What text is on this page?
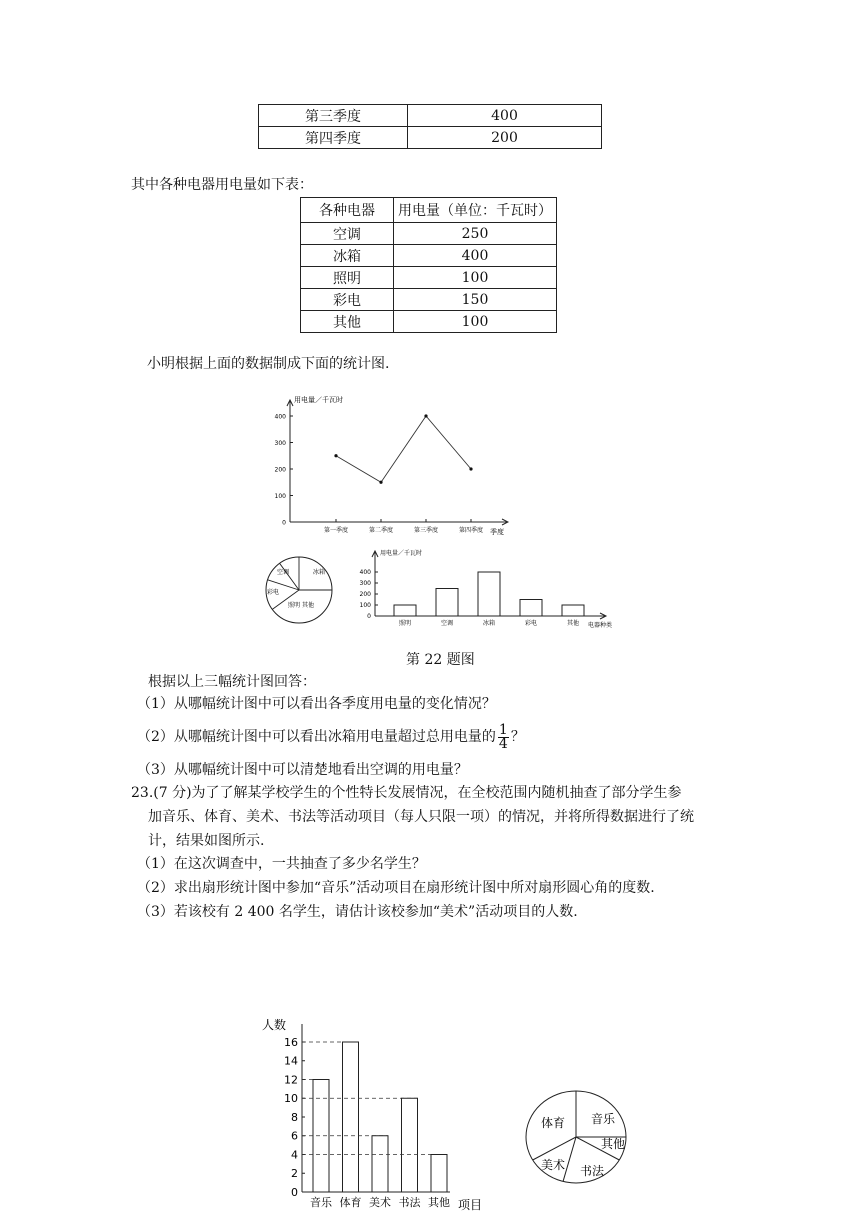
第三季度	400
第四季度	200
其中各种电器用电量如下表：
各种电器	用电量（单位：千瓦时）
空调	250
冰箱	400
照明	100
彩电	150
其他	100
小明根据上面的数据制成下面的统计图.
用电量／千瓦时
季度
0
100
200
300
400
第一季度	第二季度	第三季度	第四季度
空调	冰箱
彩电
照明 其他
用电量／千瓦时
电器种类
0
100
200
300
400
照明	空调	冰箱	彩电	其他
第 22 题图
根据以上三幅统计图回答：
（1）从哪幅统计图中可以看出各季度用电量的变化情况？
（2）从哪幅统计图中可以看出冰箱用电量超过总用电量的 $\frac{1}{4}$ ？
（3）从哪幅统计图中可以清楚地看出空调的用电量？
23.(7 分)为了了解某学校学生的个性特长发展情况，在全校范围内随机抽查了部分学生参
加音乐、体育、美术、书法等活动项目（每人只限一项）的情况，并将所得数据进行了统
计，结果如图所示.
（1）在这次调查中，一共抽查了多少名学生？
（2）求出扇形统计图中参加“音乐”活动项目在扇形统计图中所对扇形圆心角的度数.
（3）若该校有 2 400 名学生，请估计该校参加“美术”活动项目的人数.
人数
项目
0
2
4
6
8
10
12
14
16
音乐 体育 美术 书法 其他
音乐
体育
美术 书法
其他
